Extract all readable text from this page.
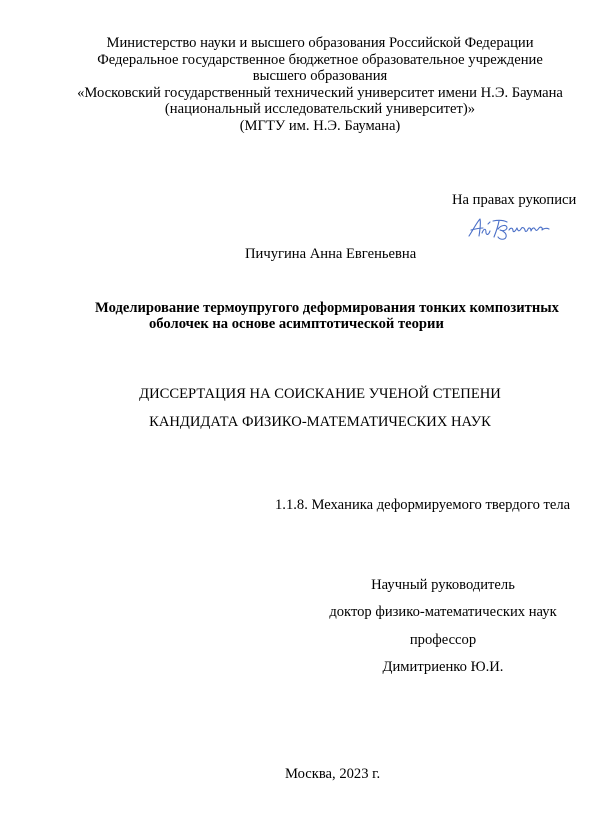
Министерство науки и высшего образования Российской Федерации
Федеральное государственное бюджетное образовательное учреждение
высшего образования
«Московский государственный технический университет имени Н.Э. Баумана
(национальный исследовательский университет)»
(МГТУ им. Н.Э. Баумана)
На правах рукописи
Пичугина Анна Евгеньевна
Моделирование термоупругого деформирования тонких композитных
оболочек на основе асимптотической теории
ДИССЕРТАЦИЯ НА СОИСКАНИЕ УЧЕНОЙ СТЕПЕНИ
КАНДИДАТА ФИЗИКО-МАТЕМАТИЧЕСКИХ НАУК
1.1.8. Механика деформируемого твердого тела
Научный руководитель
доктор физико-математических наук
профессор
Димитриенко Ю.И.
Москва, 2023 г.
